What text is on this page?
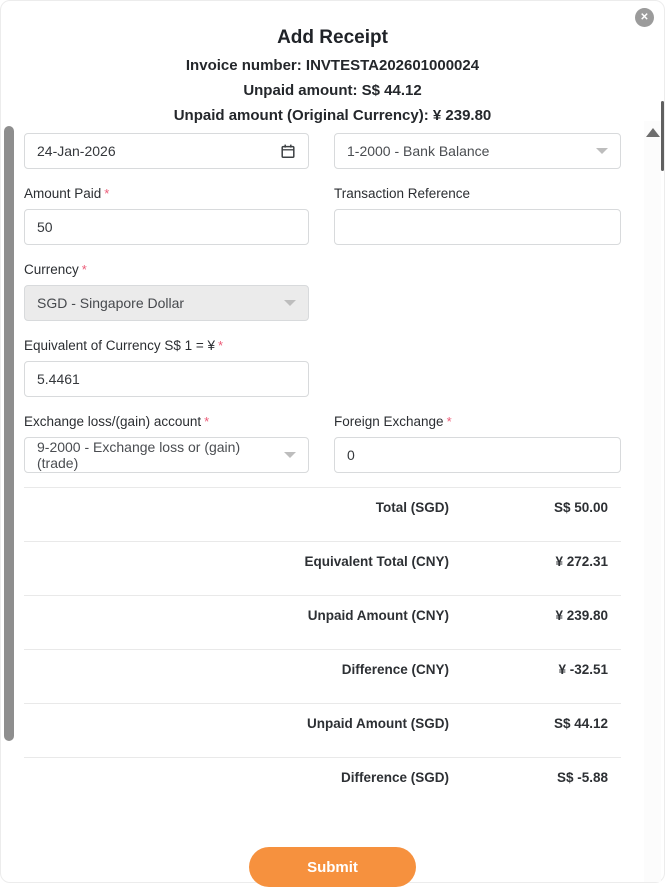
✕
Add Receipt
Invoice number: INVTESTA202601000024
Unpaid amount: S$ 44.12
Unpaid amount (Original Currency): ¥ 239.80
24-Jan-2026
1-2000 - Bank Balance
Amount Paid *	Transaction Reference
50
Currency *
SGD - Singapore Dollar
Equivalent of Currency S$ 1 = ¥ *
5.4461
Exchange loss/(gain) account *	Foreign Exchange *
9-2000 - Exchange loss or (gain) (trade)
0
Total (SGD)	S$ 50.00
Equivalent Total (CNY)	¥ 272.31
Unpaid Amount (CNY)	¥ 239.80
Difference (CNY)	¥ -32.51
Unpaid Amount (SGD)	S$ 44.12
Difference (SGD)	S$ -5.88
Submit
